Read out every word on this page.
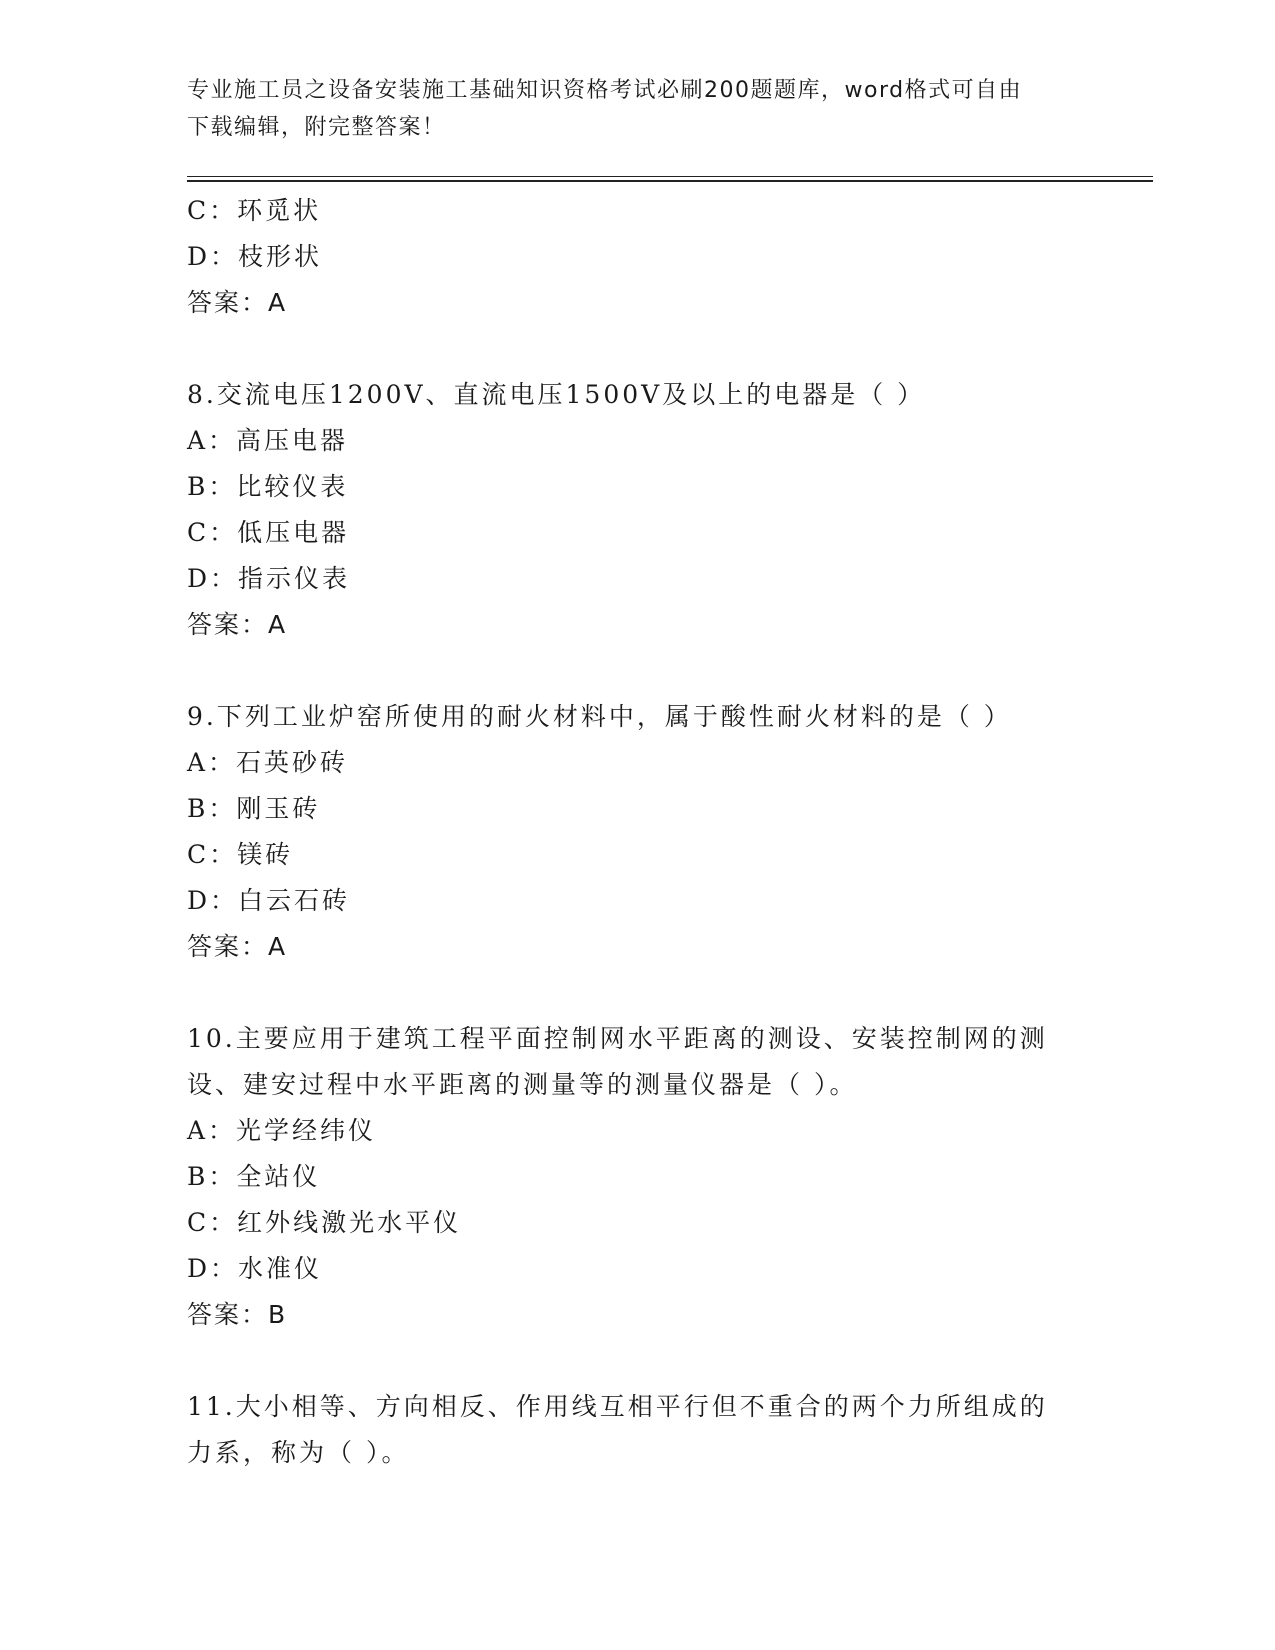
专业施工员之设备安装施工基础知识资格考试必刷200题题库，word格式可自由
下载编辑，附完整答案！
C：环觅状
D：枝形状
答案：A
8.交流电压1200V、直流电压1500V及以上的电器是（ ）
A：高压电器
B：比较仪表
C：低压电器
D：指示仪表
答案：A
9.下列工业炉窑所使用的耐火材料中，属于酸性耐火材料的是（ ）
A：石英砂砖
B：刚玉砖
C：镁砖
D：白云石砖
答案：A
10.主要应用于建筑工程平面控制网水平距离的测设、安装控制网的测
设、建安过程中水平距离的测量等的测量仪器是（ ）。
A：光学经纬仪
B：全站仪
C：红外线激光水平仪
D：水准仪
答案：B
11.大小相等、方向相反、作用线互相平行但不重合的两个力所组成的
力系，称为（ ）。
